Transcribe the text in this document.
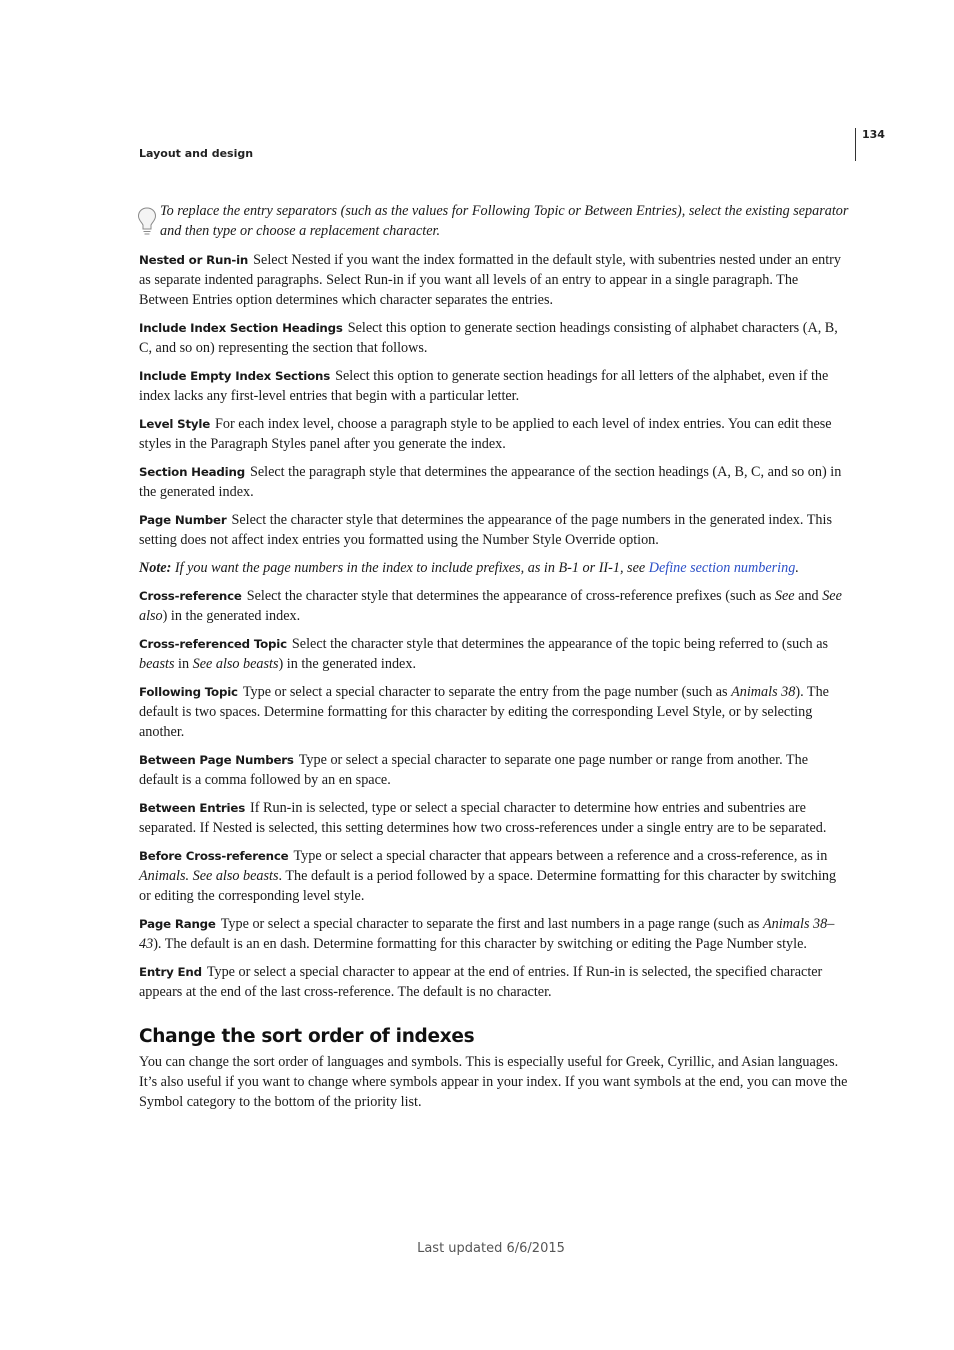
134
Layout and design
To replace the entry separators (such as the values for Following Topic or Between Entries), select the existing separator and then type or choose a replacement character.

Nested or Run-in Select Nested if you want the index formatted in the default style, with subentries nested under an entry as separate indented paragraphs. Select Run-in if you want all levels of an entry to appear in a single paragraph. The Between Entries option determines which character separates the entries.

Include Index Section Headings Select this option to generate section headings consisting of alphabet characters (A, B, C, and so on) representing the section that follows.

Include Empty Index Sections Select this option to generate section headings for all letters of the alphabet, even if the index lacks any first-level entries that begin with a particular letter.

Level Style For each index level, choose a paragraph style to be applied to each level of index entries. You can edit these styles in the Paragraph Styles panel after you generate the index.

Section Heading Select the paragraph style that determines the appearance of the section headings (A, B, C, and so on) in the generated index.

Page Number Select the character style that determines the appearance of the page numbers in the generated index. This setting does not affect index entries you formatted using the Number Style Override option.

Note: If you want the page numbers in the index to include prefixes, as in B-1 or II-1, see Define section numbering.

Cross-reference Select the character style that determines the appearance of cross-reference prefixes (such as See and See also) in the generated index.

Cross-referenced Topic Select the character style that determines the appearance of the topic being referred to (such as beasts in See also beasts) in the generated index.

Following Topic Type or select a special character to separate the entry from the page number (such as Animals 38). The default is two spaces. Determine formatting for this character by editing the corresponding Level Style, or by selecting another.

Between Page Numbers Type or select a special character to separate one page number or range from another. The default is a comma followed by an en space.

Between Entries If Run-in is selected, type or select a special character to determine how entries and subentries are separated. If Nested is selected, this setting determines how two cross-references under a single entry are to be separated.

Before Cross-reference Type or select a special character that appears between a reference and a cross-reference, as in Animals. See also beasts. The default is a period followed by a space. Determine formatting for this character by switching or editing the corresponding level style.

Page Range Type or select a special character to separate the first and last numbers in a page range (such as Animals 38–43). The default is an en dash. Determine formatting for this character by switching or editing the Page Number style.

Entry End Type or select a special character to appear at the end of entries. If Run-in is selected, the specified character appears at the end of the last cross-reference. The default is no character.

Change the sort order of indexes

You can change the sort order of languages and symbols. This is especially useful for Greek, Cyrillic, and Asian languages. It’s also useful if you want to change where symbols appear in your index. If you want symbols at the end, you can move the Symbol category to the bottom of the priority list.

Last updated 6/6/2015
